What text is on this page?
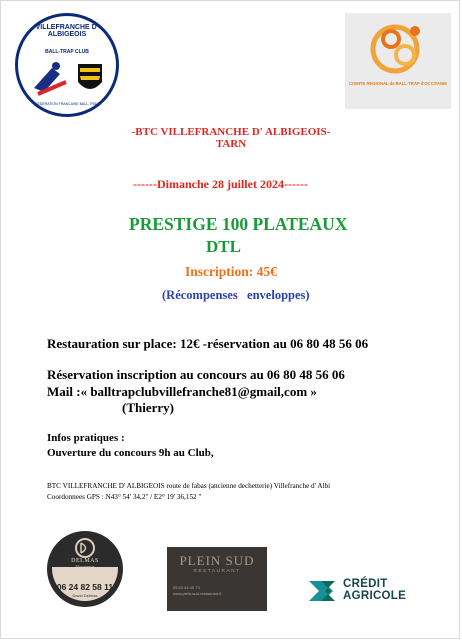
VILLEFRANCHE D' ALBIGEOIS
BALL-TRAP CLUB
FEDERATION FRANCAISE BALL-TRAP
COMITE REGIONAL de BALL-TRAP d'OCCITANIE
-BTC VILLEFRANCHE D' ALBIGEOIS-
TARN
------Dimanche 28 juillet 2024------
PRESTIGE 100 PLATEAUX
DTL
Inscription: 45€
(Récompenses   enveloppes)
Restauration sur place: 12€ -réservation au 06 80 48 56 06
Réservation inscription au concours au 06 80 48 56 06
Mail :« balltrapclubvillefranche81@gmail,com »
(Thierry)
Infos pratiques :
Ouverture du concours 9h au Club,
BTC VILLEFRANCHE D' ALBIGEOIS route de fabas (ancienne dechetterie) Villefranche d' Albi
Coordonnees GPS : N43° 54' 34,2" / E2° 19' 36,152 "
DELMAS
06 24 82 58 11
David Delmas
PLEIN SUD
RESTAURANT
05 63 44 49 73
www.plein-sud-restaurant.fr
CRÉDIT
AGRICOLE
